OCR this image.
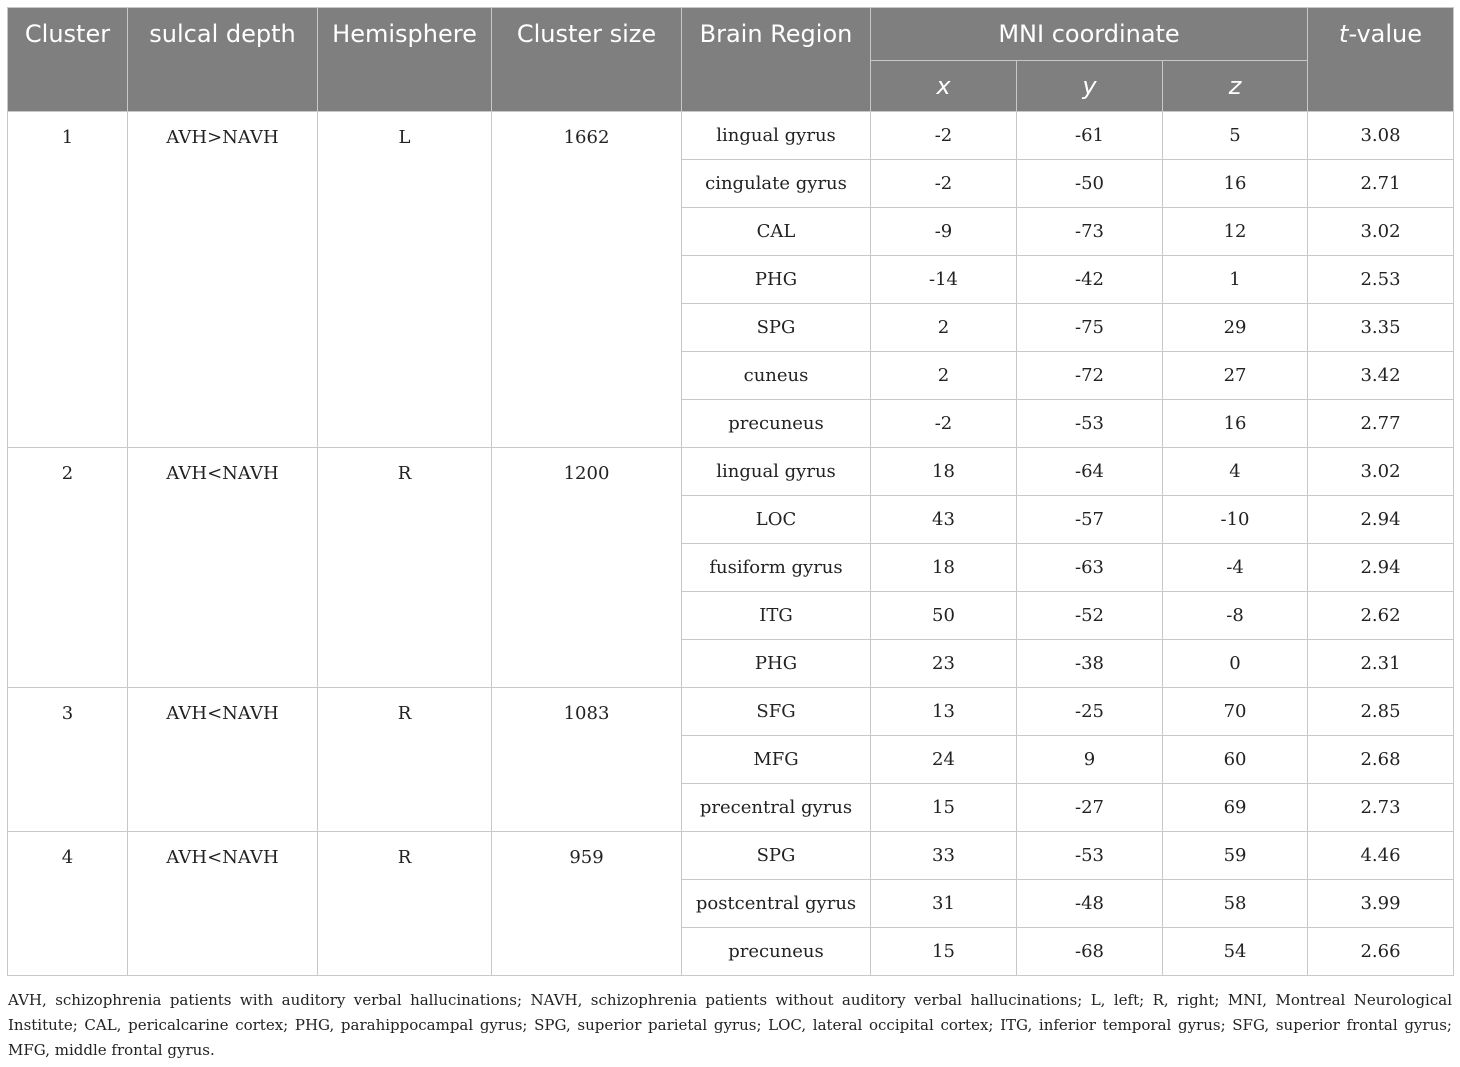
Cluster	sulcal depth	Hemisphere	Cluster size	Brain Region	MNI coordinate			t-value
					x	y	z	
1	AVH>NAVH	L	1662	lingual gyrus	-2	-61	5	3.08
				cingulate gyrus	-2	-50	16	2.71
				CAL	-9	-73	12	3.02
				PHG	-14	-42	1	2.53
				SPG	2	-75	29	3.35
				cuneus	2	-72	27	3.42
				precuneus	-2	-53	16	2.77
2	AVH<NAVH	R	1200	lingual gyrus	18	-64	4	3.02
				LOC	43	-57	-10	2.94
				fusiform gyrus	18	-63	-4	2.94
				ITG	50	-52	-8	2.62
				PHG	23	-38	0	2.31
3	AVH<NAVH	R	1083	SFG	13	-25	70	2.85
				MFG	24	9	60	2.68
				precentral gyrus	15	-27	69	2.73
4	AVH<NAVH	R	959	SPG	33	-53	59	4.46
				postcentral gyrus	31	-48	58	3.99
				precuneus	15	-68	54	2.66

AVH, schizophrenia patients with auditory verbal hallucinations; NAVH, schizophrenia patients without auditory verbal hallucinations; L, left; R, right; MNI, Montreal Neurological Institute; CAL, pericalcarine cortex; PHG, parahippocampal gyrus; SPG, superior parietal gyrus; LOC, lateral occipital cortex; ITG, inferior temporal gyrus; SFG, superior frontal gyrus; MFG, middle frontal gyrus.
